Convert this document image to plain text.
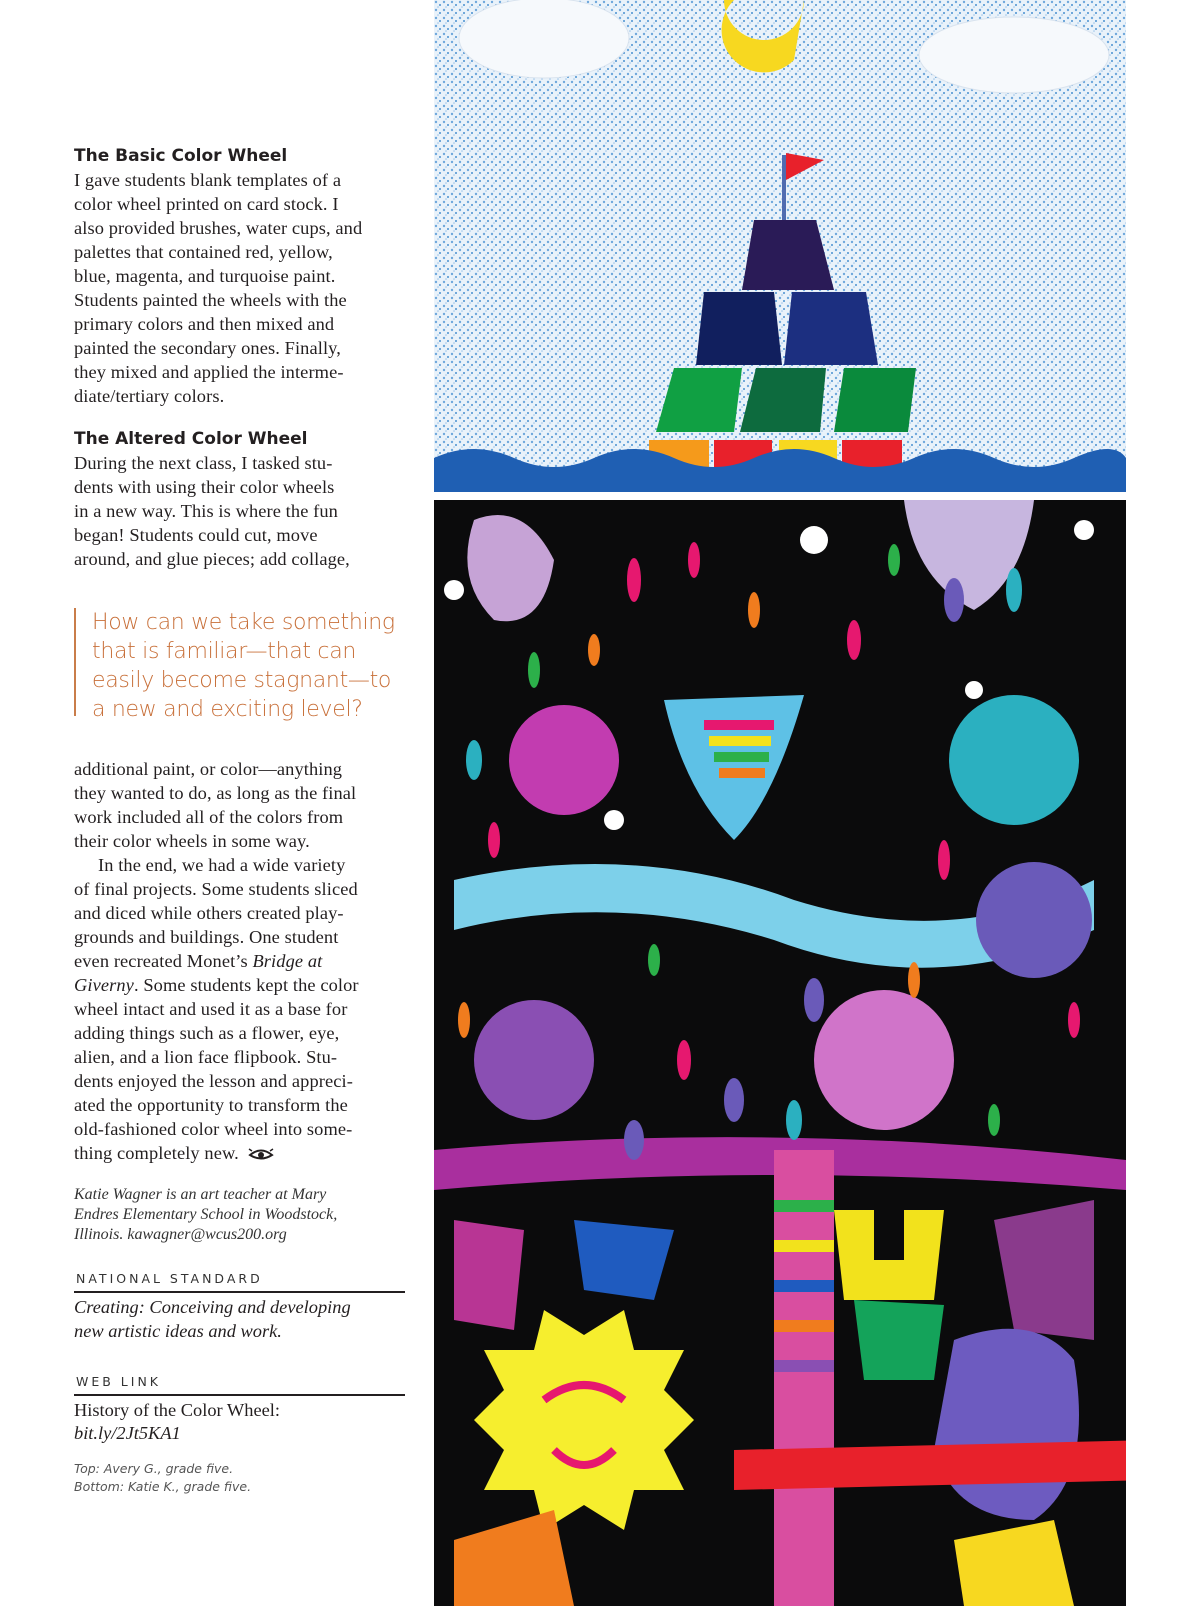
The Basic Color Wheel
I gave students blank templates of a
color wheel printed on card stock. I
also provided brushes, water cups, and
palettes that contained red, yellow,
blue, magenta, and turquoise paint.
Students painted the wheels with the
primary colors and then mixed and
painted the secondary ones. Finally,
they mixed and applied the interme-
diate/tertiary colors.
The Altered Color Wheel
During the next class, I tasked stu-
dents with using their color wheels
in a new way. This is where the fun
began! Students could cut, move
around, and glue pieces; add collage,
How can we take something
that is familiar—that can
easily become stagnant—to
a new and exciting level?
additional paint, or color—anything
they wanted to do, as long as the final
work included all of the colors from
their color wheels in some way.
In the end, we had a wide variety
of final projects. Some students sliced
and diced while others created play-
grounds and buildings. One student
even recreated Monet’s Bridge at
Giverny. Some students kept the color
wheel intact and used it as a base for
adding things such as a flower, eye,
alien, and a lion face flipbook. Stu-
dents enjoyed the lesson and appreci-
ated the opportunity to transform the
old-fashioned color wheel into some-
thing completely new.
Katie Wagner is an art teacher at Mary
Endres Elementary School in Woodstock,
Illinois. kawagner@wcus200.org
NATIONAL STANDARD
Creating: Conceiving and developing
new artistic ideas and work.
WEB LINK
History of the Color Wheel:
bit.ly/2Jt5KA1
Top: Avery G., grade five.
Bottom: Katie K., grade five.
